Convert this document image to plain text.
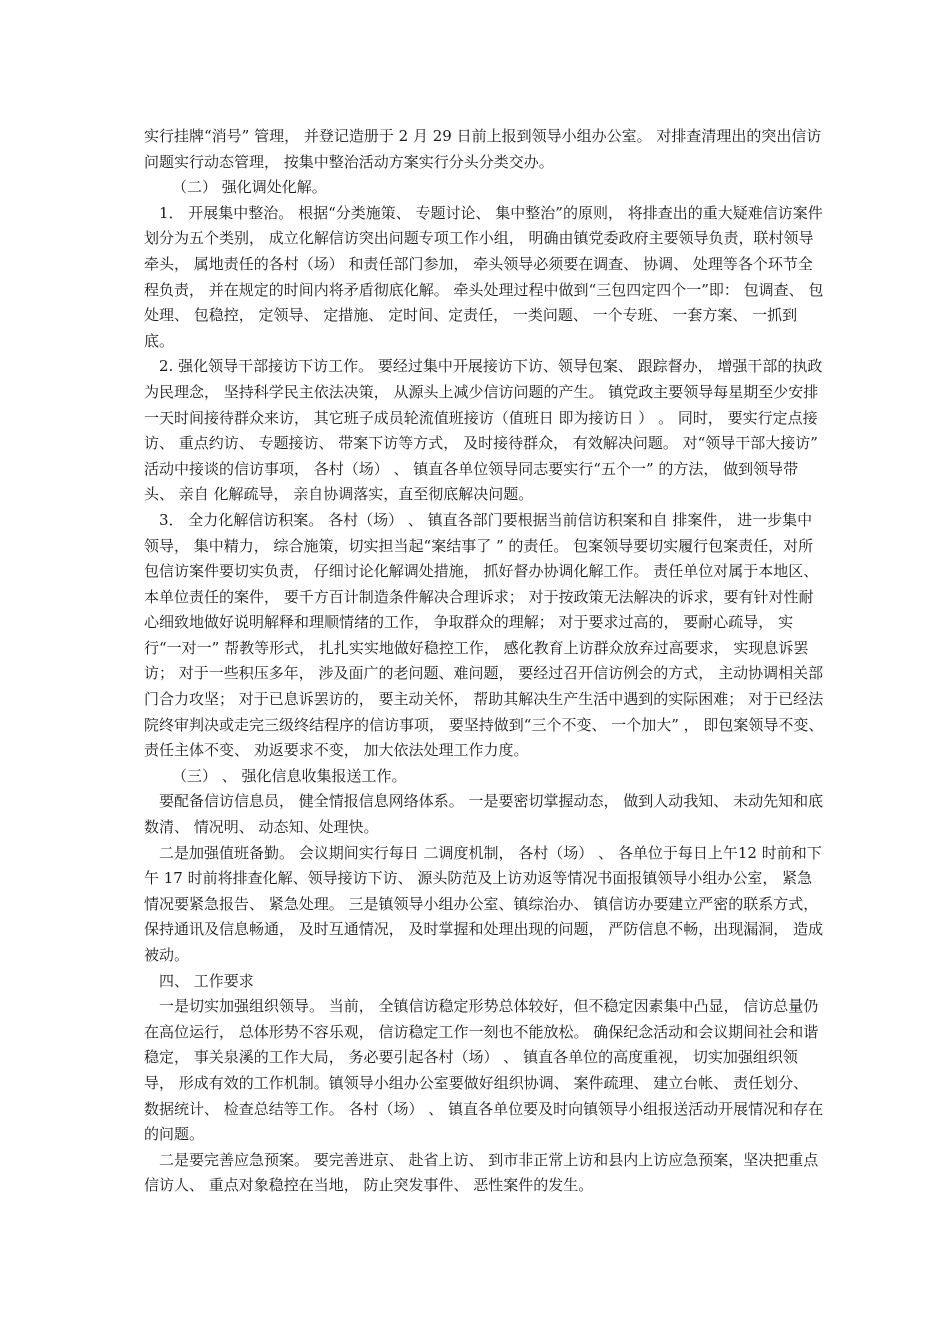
实行挂牌“消号” 管理， 并登记造册于 2 月 29 日前上报到领导小组办公室。 对排查清理出的突出信访问题实行动态管理， 按集中整治活动方案实行分头分类交办。

（二） 强化调处化解。

1． 开展集中整治。 根据“分类施策、 专题讨论、 集中整治”的原则， 将排查出的重大疑难信访案件划分为五个类别， 成立化解信访突出问题专项工作小组， 明确由镇党委政府主要领导负责，联村领导牵头， 属地责任的各村（场） 和责任部门参加， 牵头领导必须要在调查、 协调、 处理等各个环节全程负责， 并在规定的时间内将矛盾彻底化解。 牵头处理过程中做到“三包四定四个一”即： 包调查、 包处理、 包稳控， 定领导、 定措施、 定时间、定责任， 一类问题、 一个专班、 一套方案、 一抓到底。

2. 强化领导干部接访下访工作。 要经过集中开展接访下访、领导包案、 跟踪督办， 增强干部的执政为民理念， 坚持科学民主依法决策， 从源头上减少信访问题的产生。 镇党政主要领导每星期至少安排一天时间接待群众来访， 其它班子成员轮流值班接访（值班日 即为接访日 ） 。 同时， 要实行定点接访、 重点约访、 专题接访、 带案下访等方式， 及时接待群众， 有效解决问题。 对“领导干部大接访” 活动中接谈的信访事项， 各村（场） 、 镇直各单位领导同志要实行“五个一” 的方法， 做到领导带头、 亲自 化解疏导， 亲自协调落实，直至彻底解决问题。

3． 全力化解信访积案。 各村（场） 、 镇直各部门要根据当前信访积案和自 排案件， 进一步集中领导， 集中精力， 综合施策，切实担当起“案结事了 ” 的责任。 包案领导要切实履行包案责任，对所包信访案件要切实负责， 仔细讨论化解调处措施， 抓好督办协调化解工作。 责任单位对属于本地区、 本单位责任的案件， 要千方百计制造条件解决合理诉求； 对于按政策无法解决的诉求，要有针对性耐心细致地做好说明解释和理顺情绪的工作， 争取群众的理解； 对于要求过高的， 要耐心疏导， 实行“一对一” 帮教等形式， 扎扎实实地做好稳控工作， 感化教育上访群众放弃过高要求， 实现息诉罢访； 对于一些积压多年， 涉及面广的老问题、难问题， 要经过召开信访例会的方式， 主动协调相关部门合力攻坚； 对于已息诉罢访的， 要主动关怀， 帮助其解决生产生活中遇到的实际困难； 对于已经法院终审判决或走完三级终结程序的信访事项， 要坚持做到“三个不变、 一个加大” ， 即包案领导不变、责任主体不变、 劝返要求不变， 加大依法处理工作力度。

（三） 、 强化信息收集报送工作。

要配备信访信息员， 健全情报信息网络体系。 一是要密切掌握动态， 做到人动我知、 未动先知和底数清、 情况明、 动态知、处理快。

二是加强值班备勤。 会议期间实行每日 二调度机制， 各村（场） 、 各单位于每日上午12 时前和下午 17 时前将排查化解、领导接访下访、 源头防范及上访劝返等情况书面报镇领导小组办公室， 紧急情况要紧急报告、 紧急处理。 三是镇领导小组办公室、镇综治办、 镇信访办要建立严密的联系方式， 保持通讯及信息畅通， 及时互通情况， 及时掌握和处理出现的问题， 严防信息不畅，出现漏洞， 造成被动。

四、 工作要求

一是切实加强组织领导。 当前， 全镇信访稳定形势总体较好，但不稳定因素集中凸显， 信访总量仍在高位运行， 总体形势不容乐观， 信访稳定工作一刻也不能放松。 确保纪念活动和会议期间社会和谐稳定， 事关泉溪的工作大局， 务必要引起各村（场） 、 镇直各单位的高度重视， 切实加强组织领导， 形成有效的工作机制。镇领导小组办公室要做好组织协调、 案件疏理、 建立台帐、 责任划分、 数据统计、 检查总结等工作。 各村（场） 、 镇直各单位要及时向镇领导小组报送活动开展情况和存在的问题。

二是要完善应急预案。 要完善进京、 赴省上访、 到市非正常上访和县内上访应急预案，坚决把重点信访人、 重点对象稳控在当地， 防止突发事件、 恶性案件的发生。
